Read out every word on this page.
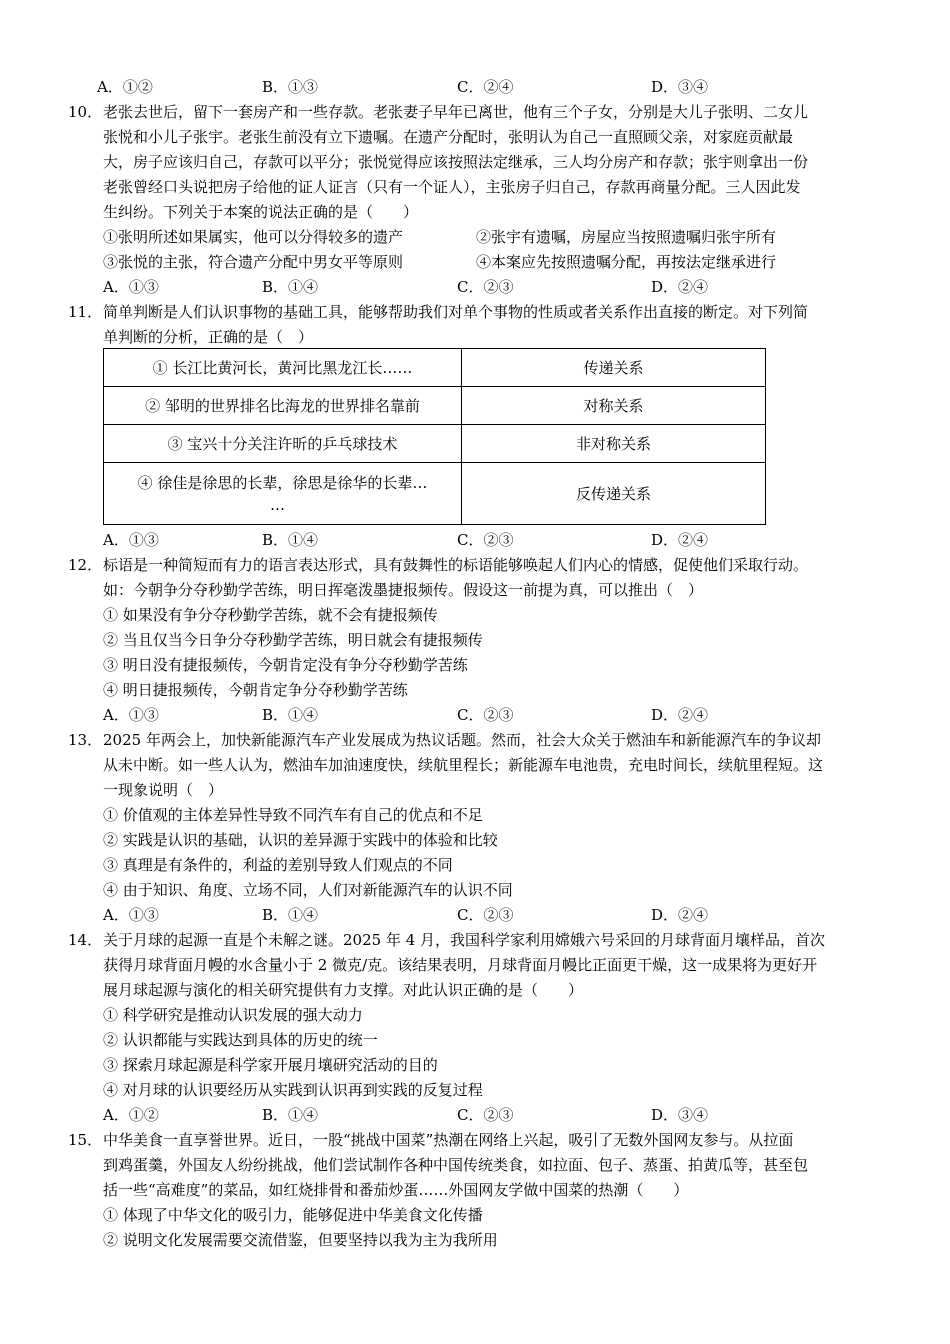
A．①②	B．①③	C．②④	D．③④
10． 老张去世后，留下一套房产和一些存款。老张妻子早年已离世，他有三个子女，分别是大儿子张明、二女儿
张悦和小儿子张宇。老张生前没有立下遗嘱。在遗产分配时，张明认为自己一直照顾父亲，对家庭贡献最
大，房子应该归自己，存款可以平分；张悦觉得应该按照法定继承，三人均分房产和存款；张宇则拿出一份
老张曾经口头说把房子给他的证人证言（只有一个证人），主张房子归自己，存款再商量分配。三人因此发
生纠纷。下列关于本案的说法正确的是（　　）
①张明所述如果属实，他可以分得较多的遗产	②张宇有遗嘱，房屋应当按照遗嘱归张宇所有
③张悦的主张，符合遗产分配中男女平等原则	④本案应先按照遗嘱分配，再按法定继承进行
A．①③	B．①④	C．②③	D．②④
11． 简单判断是人们认识事物的基础工具，能够帮助我们对单个事物的性质或者关系作出直接的断定。对下列简
单判断的分析，正确的是（　）
① 长江比黄河长，黄河比黑龙江长……	传递关系
② 邹明的世界排名比海龙的世界排名靠前	对称关系
③ 宝兴十分关注许昕的乒乓球技术	非对称关系

④ 徐佳是徐思的长辈，徐思是徐华的长辈…
…	反传递关系
A．①③	B．①④	C．②③	D．②④
12． 标语是一种简短而有力的语言表达形式，具有鼓舞性的标语能够唤起人们内心的情感，促使他们采取行动。
如：今朝争分夺秒勤学苦练，明日挥毫泼墨捷报频传。假设这一前提为真，可以推出（　）
① 如果没有争分夺秒勤学苦练，就不会有捷报频传
② 当且仅当今日争分夺秒勤学苦练，明日就会有捷报频传
③ 明日没有捷报频传，今朝肯定没有争分夺秒勤学苦练
④ 明日捷报频传，今朝肯定争分夺秒勤学苦练
A．①③	B．①④	C．②③	D．②④
13． 2025 年两会上，加快新能源汽车产业发展成为热议话题。然而，社会大众关于燃油车和新能源汽车的争议却
从未中断。如一些人认为，燃油车加油速度快，续航里程长；新能源车电池贵，充电时间长，续航里程短。这
一现象说明（　）
① 价值观的主体差异性导致不同汽车有自己的优点和不足
② 实践是认识的基础，认识的差异源于实践中的体验和比较
③ 真理是有条件的，利益的差别导致人们观点的不同
④ 由于知识、角度、立场不同，人们对新能源汽车的认识不同
A．①③	B．①④	C．②③	D．②④
14． 关于月球的起源一直是个未解之谜。2025 年 4 月，我国科学家利用嫦娥六号采回的月球背面月壤样品，首次
获得月球背面月幔的水含量小于 2 微克/克。该结果表明，月球背面月幔比正面更干燥，这一成果将为更好开
展月球起源与演化的相关研究提供有力支撑。对此认识正确的是（　　）
① 科学研究是推动认识发展的强大动力
② 认识都能与实践达到具体的历史的统一
③ 探索月球起源是科学家开展月壤研究活动的目的
④ 对月球的认识要经历从实践到认识再到实践的反复过程
A．①②	B．①④	C．②③	D．③④
15． 中华美食一直享誉世界。近日，一股“挑战中国菜”热潮在网络上兴起，吸引了无数外国网友参与。从拉面
到鸡蛋羹，外国友人纷纷挑战，他们尝试制作各种中国传统类食，如拉面、包子、蒸蛋、拍黄瓜等，甚至包
括一些“高难度”的菜品，如红烧排骨和番茄炒蛋……外国网友学做中国菜的热潮（　　）
① 体现了中华文化的吸引力，能够促进中华美食文化传播
② 说明文化发展需要交流借鉴，但要坚持以我为主为我所用
